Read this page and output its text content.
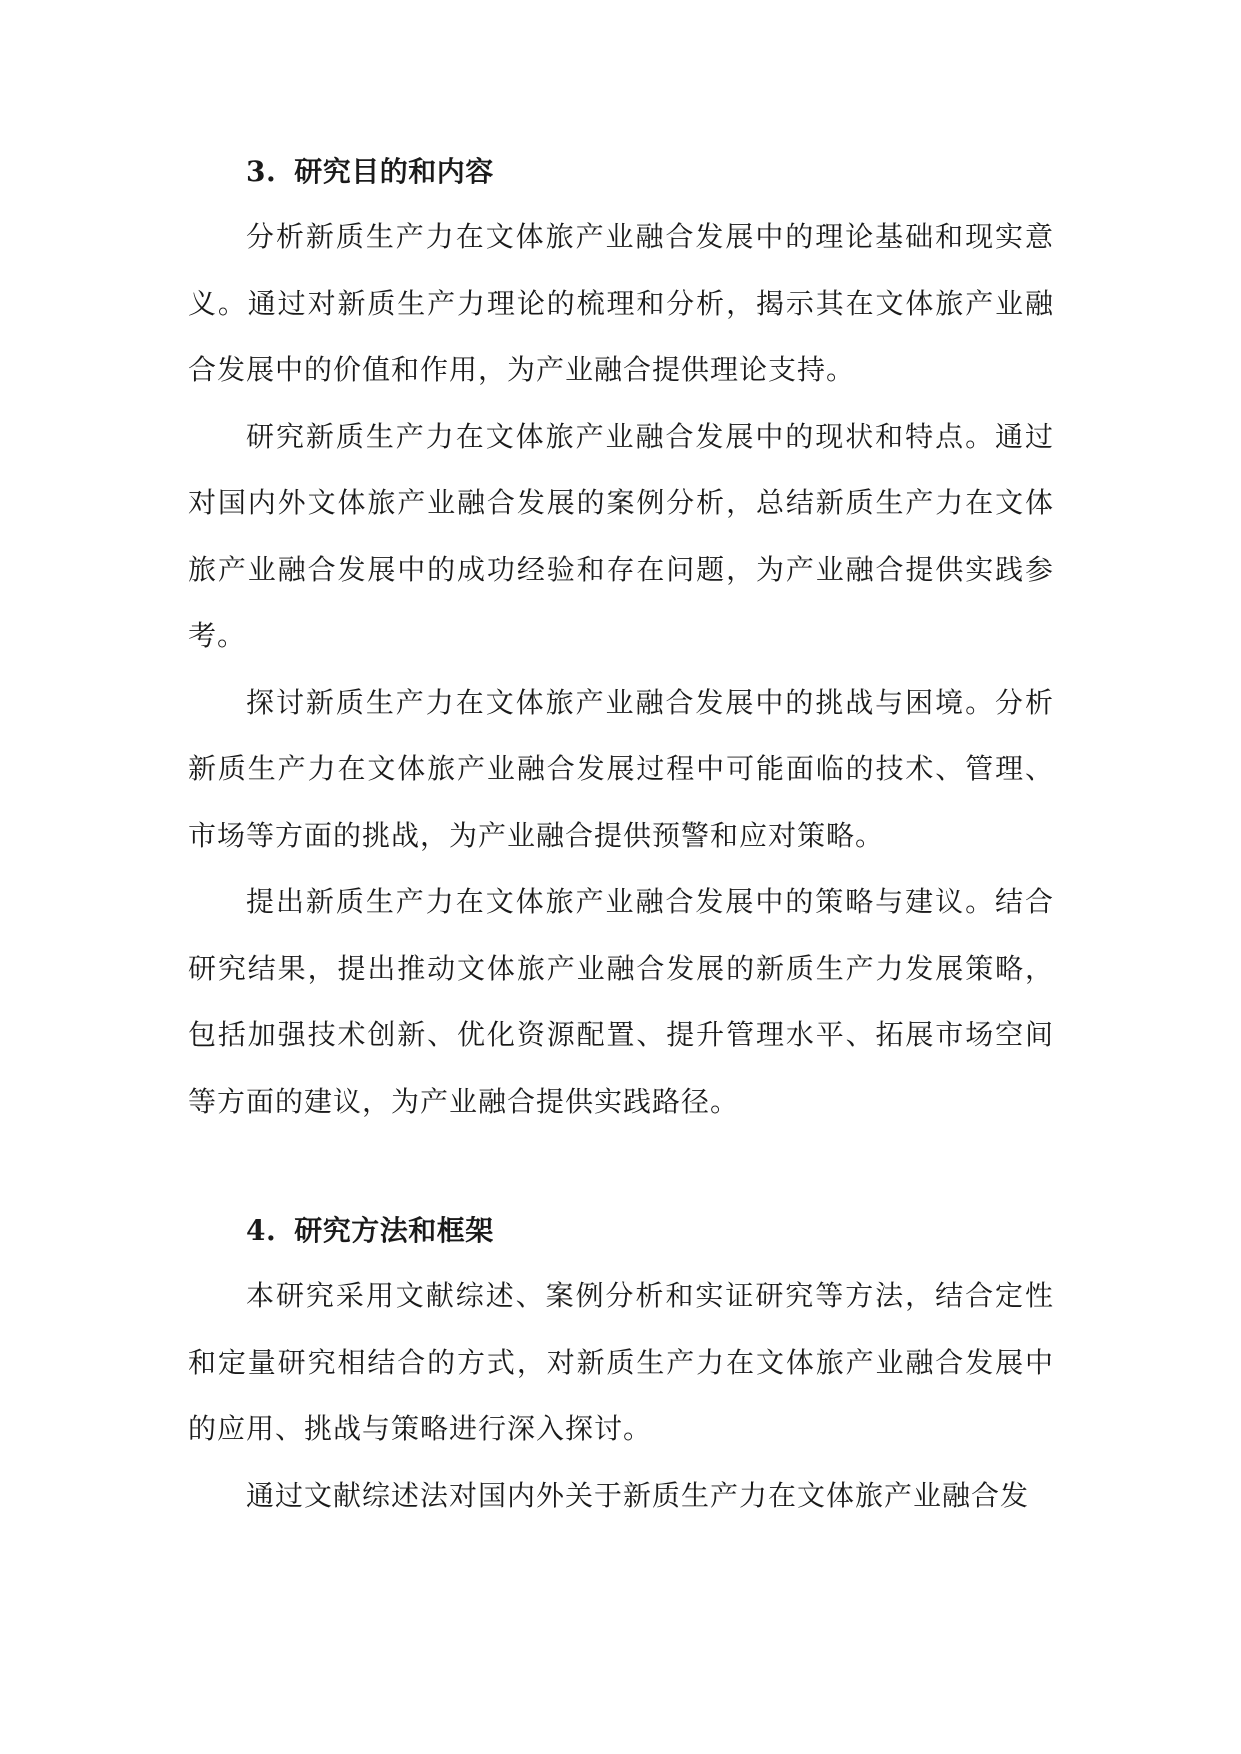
3. 研究目的和内容

分析新质生产力在文体旅产业融合发展中的理论基础和现实意义。通过对新质生产力理论的梳理和分析，揭示其在文体旅产业融合发展中的价值和作用，为产业融合提供理论支持。

研究新质生产力在文体旅产业融合发展中的现状和特点。通过对国内外文体旅产业融合发展的案例分析，总结新质生产力在文体旅产业融合发展中的成功经验和存在问题，为产业融合提供实践参考。

探讨新质生产力在文体旅产业融合发展中的挑战与困境。分析新质生产力在文体旅产业融合发展过程中可能面临的技术、管理、市场等方面的挑战，为产业融合提供预警和应对策略。

提出新质生产力在文体旅产业融合发展中的策略与建议。结合研究结果，提出推动文体旅产业融合发展的新质生产力发展策略，包括加强技术创新、优化资源配置、提升管理水平、拓展市场空间等方面的建议，为产业融合提供实践路径。

4. 研究方法和框架

本研究采用文献综述、案例分析和实证研究等方法，结合定性和定量研究相结合的方式，对新质生产力在文体旅产业融合发展中的应用、挑战与策略进行深入探讨。

通过文献综述法对国内外关于新质生产力在文体旅产业融合发
